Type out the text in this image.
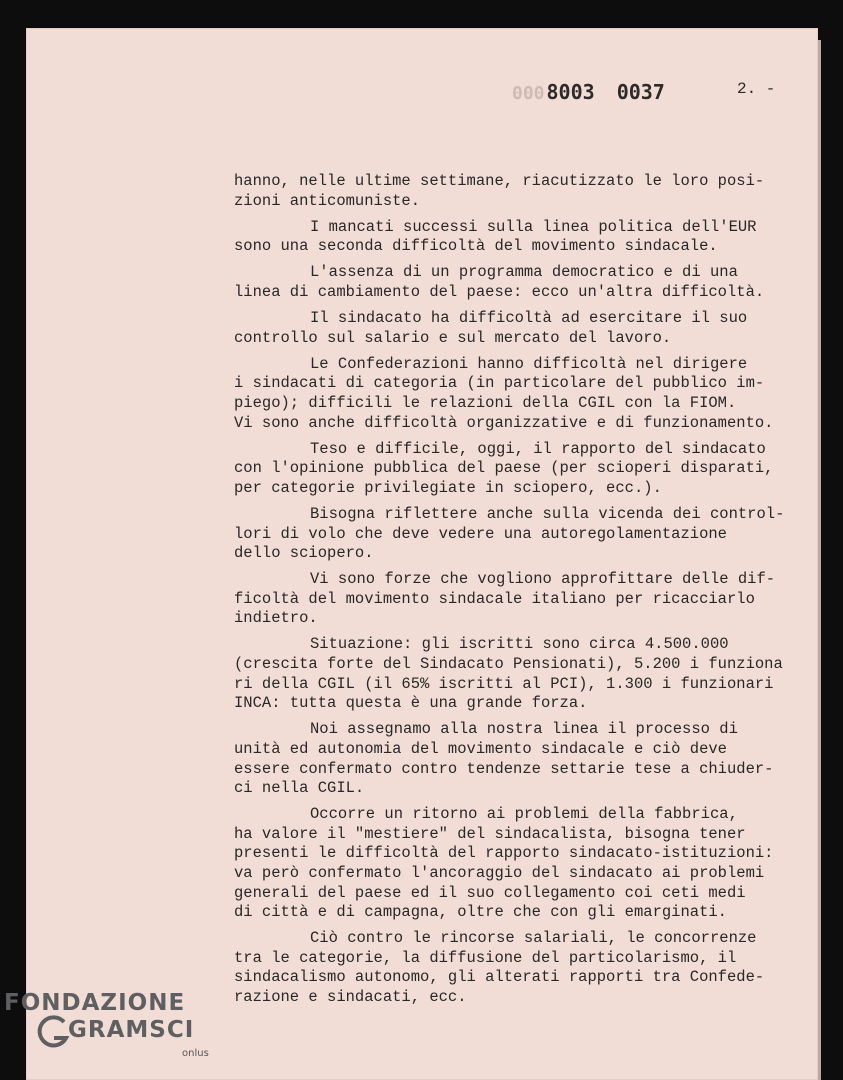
000 8003 0037	2. -

hanno, nelle ultime settimane, riacutizzato le loro posi-
zioni anticomuniste.

I mancati successi sulla linea politica dell'EUR
sono una seconda difficoltà del movimento sindacale.

L'assenza di un programma democratico e di una
linea di cambiamento del paese: ecco un'altra difficoltà.

Il sindacato ha difficoltà ad esercitare il suo
controllo sul salario e sul mercato del lavoro.

Le Confederazioni hanno difficoltà nel dirigere
i sindacati di categoria (in particolare del pubblico im-
piego); difficili le relazioni della CGIL con la FIOM.
Vi sono anche difficoltà organizzative e di funzionamento.

Teso e difficile, oggi, il rapporto del sindacato
con l'opinione pubblica del paese (per scioperi disparati,
per categorie privilegiate in sciopero, ecc.).

Bisogna riflettere anche sulla vicenda dei control-
lori di volo che deve vedere una autoregolamentazione
dello sciopero.

Vi sono forze che vogliono approfittare delle dif-
ficoltà del movimento sindacale italiano per ricacciarlo
indietro.

Situazione: gli iscritti sono circa 4.500.000
(crescita forte del Sindacato Pensionati), 5.200 i funziona
ri della CGIL (il 65% iscritti al PCI), 1.300 i funzionari
INCA: tutta questa è una grande forza.

Noi assegnamo alla nostra linea il processo di
unità ed autonomia del movimento sindacale e ciò deve
essere confermato contro tendenze settarie tese a chiuder-
ci nella CGIL.

Occorre un ritorno ai problemi della fabbrica,
ha valore il "mestiere" del sindacalista, bisogna tener
presenti le difficoltà del rapporto sindacato-istituzioni:
va però confermato l'ancoraggio del sindacato ai problemi
generali del paese ed il suo collegamento coi ceti medi
di città e di campagna, oltre che con gli emarginati.

Ciò contro le rincorse salariali, le concorrenze
tra le categorie, la diffusione del particolarismo, il
sindacalismo autonomo, gli alterati rapporti tra Confede-
razione e sindacati, ecc.

FONDAZIONE
GRAMSCI
onlus
